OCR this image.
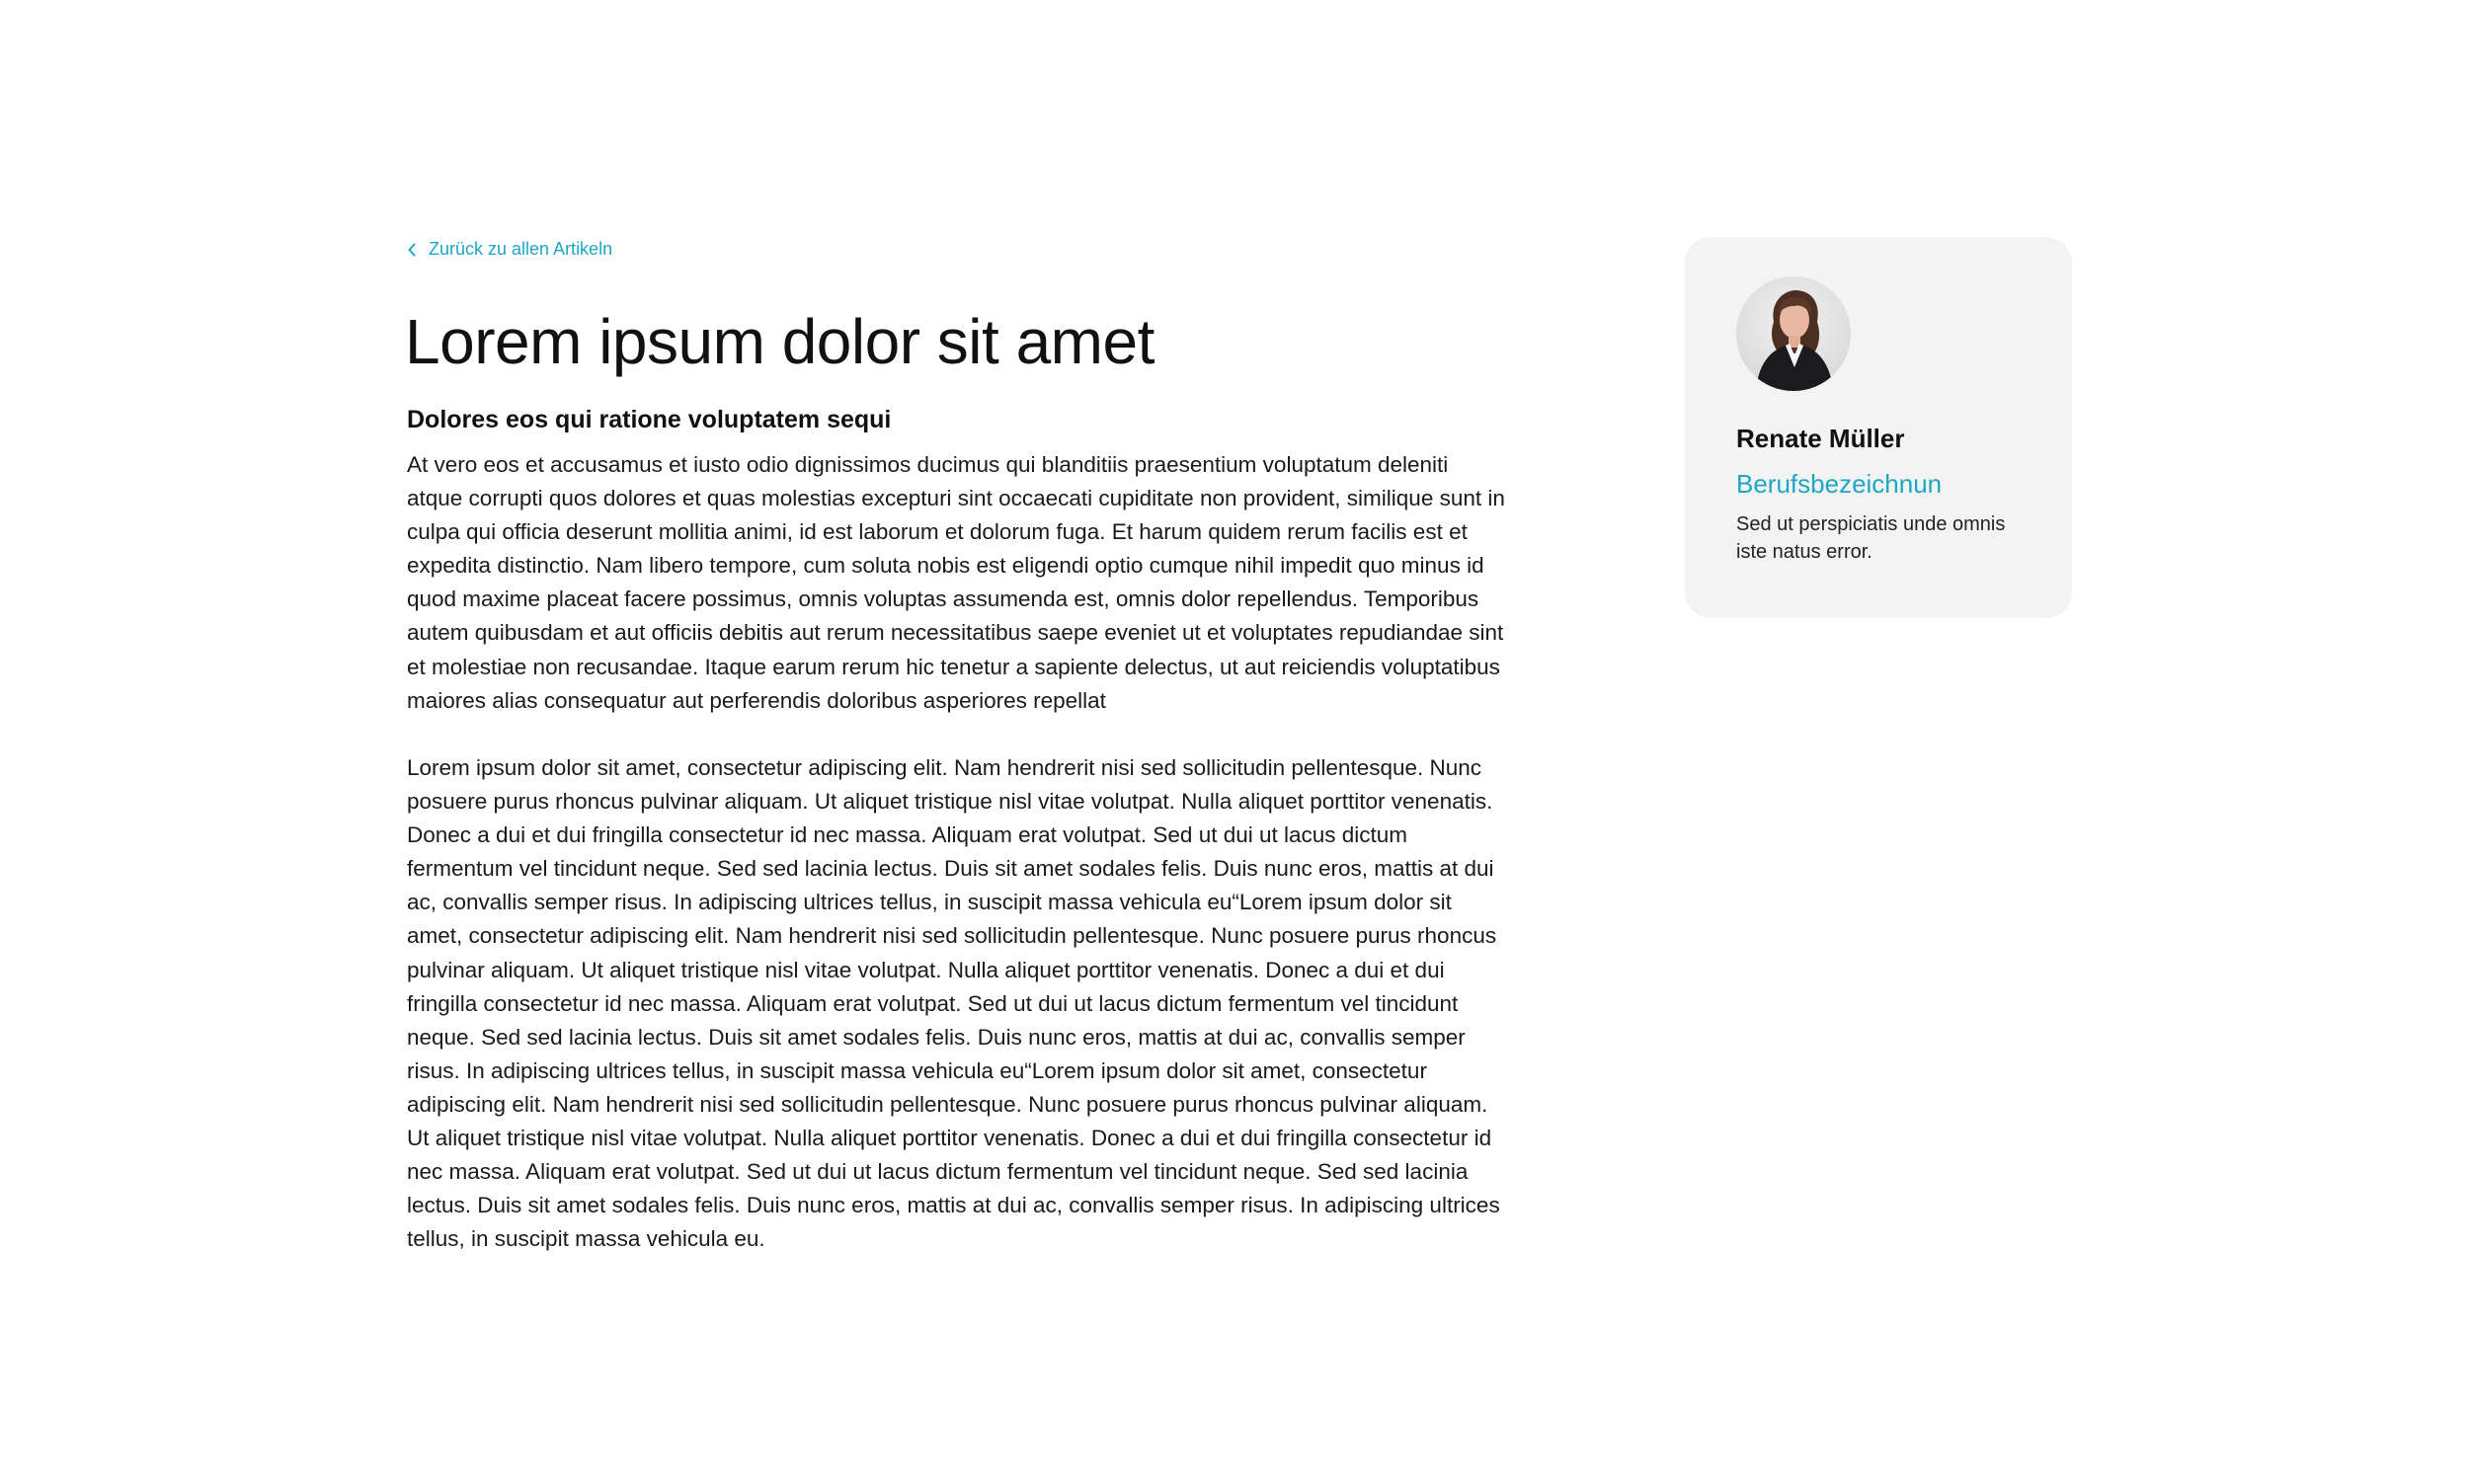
Zurück zu allen Artikeln
Lorem ipsum dolor sit amet
Dolores eos qui ratione voluptatem sequi

At vero eos et accusamus et iusto odio dignissimos ducimus qui blanditiis praesentium voluptatum deleniti atque corrupti quos dolores et quas molestias excepturi sint occaecati cupiditate non provident, similique sunt in culpa qui officia deserunt mollitia animi, id est laborum et dolorum fuga. Et harum quidem rerum facilis est et expedita distinctio. Nam libero tempore, cum soluta nobis est eligendi optio cumque nihil impedit quo minus id quod maxime placeat facere possimus, omnis voluptas assumenda est, omnis dolor repellendus. Temporibus autem quibusdam et aut officiis debitis aut rerum necessitatibus saepe eveniet ut et voluptates repudiandae sint et molestiae non recusandae. Itaque earum rerum hic tenetur a sapiente delectus, ut aut reiciendis voluptatibus maiores alias consequatur aut perferendis doloribus asperiores repellat

Lorem ipsum dolor sit amet, consectetur adipiscing elit. Nam hendrerit nisi sed sollicitudin pellentesque. Nunc posuere purus rhoncus pulvinar aliquam. Ut aliquet tristique nisl vitae volutpat. Nulla aliquet porttitor venenatis. Donec a dui et dui fringilla consectetur id nec massa. Aliquam erat volutpat. Sed ut dui ut lacus dictum fermentum vel tincidunt neque. Sed sed lacinia lectus. Duis sit amet sodales felis. Duis nunc eros, mattis at dui ac, convallis semper risus. In adipiscing ultrices tellus, in suscipit massa vehicula eu“Lorem ipsum dolor sit amet, consectetur adipiscing elit. Nam hendrerit nisi sed sollicitudin pellentesque. Nunc posuere purus rhoncus pulvinar aliquam. Ut aliquet tristique nisl vitae volutpat. Nulla aliquet porttitor venenatis. Donec a dui et dui fringilla consectetur id nec massa. Aliquam erat volutpat. Sed ut dui ut lacus dictum fermentum vel tincidunt neque. Sed sed lacinia lectus. Duis sit amet sodales felis. Duis nunc eros, mattis at dui ac, convallis semper risus. In adipiscing ultrices tellus, in suscipit massa vehicula eu“Lorem ipsum dolor sit amet, consectetur adipiscing elit. Nam hendrerit nisi sed sollicitudin pellentesque. Nunc posuere purus rhoncus pulvinar aliquam. Ut aliquet tristique nisl vitae volutpat. Nulla aliquet porttitor venenatis. Donec a dui et dui fringilla consectetur id nec massa. Aliquam erat volutpat. Sed ut dui ut lacus dictum fermentum vel tincidunt neque. Sed sed lacinia lectus. Duis sit amet sodales felis. Duis nunc eros, mattis at dui ac, convallis semper risus. In adipiscing ultrices tellus, in suscipit massa vehicula eu.

Renate Müller

Berufsbezeichnun

Sed ut perspiciatis unde omnis iste natus error.
